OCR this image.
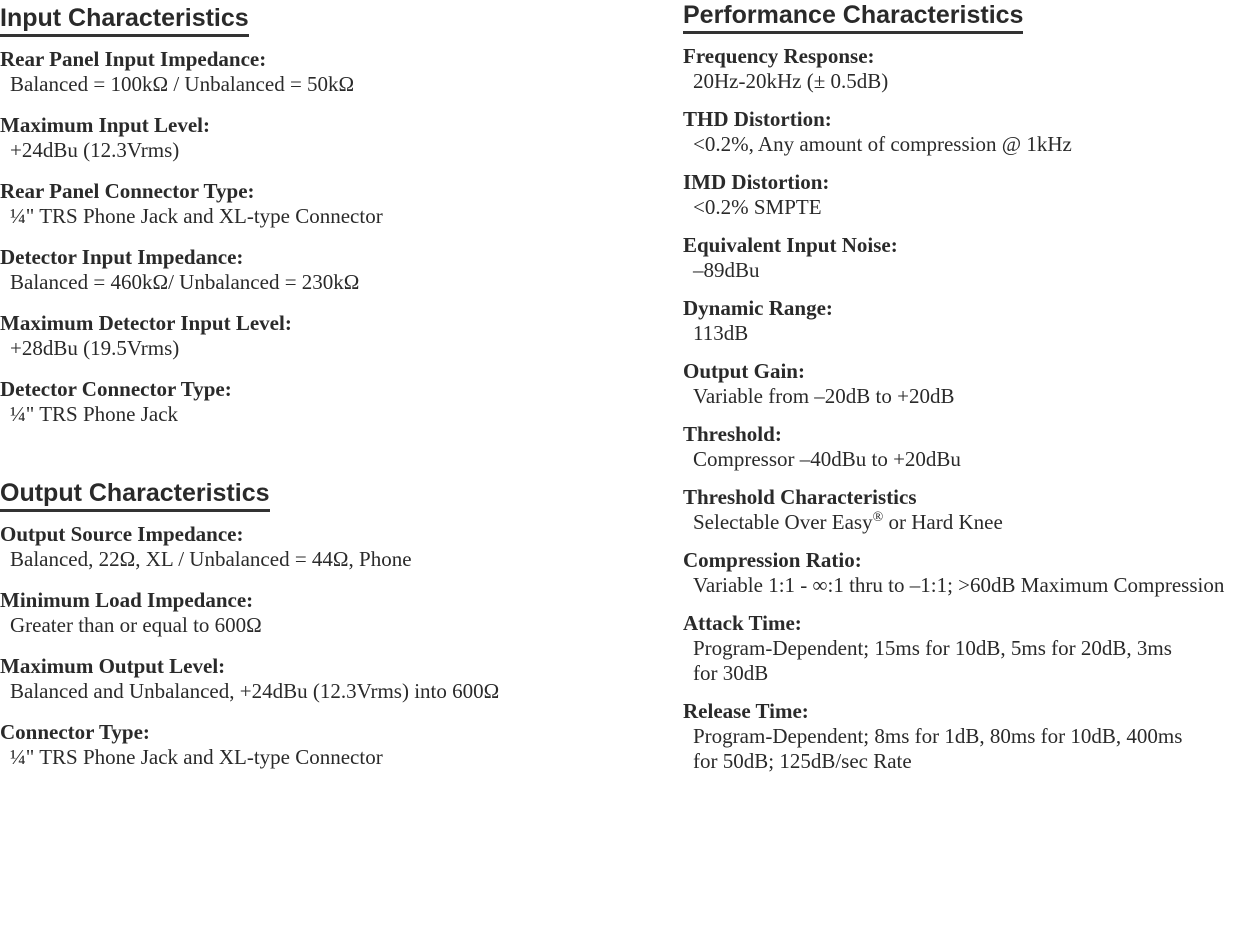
Input Characteristics
Rear Panel Input Impedance:
Balanced = 100kΩ / Unbalanced = 50kΩ
Maximum Input Level:
+24dBu (12.3Vrms)
Rear Panel Connector Type:
¼" TRS Phone Jack and XL-type Connector
Detector Input Impedance:
Balanced = 460kΩ/ Unbalanced = 230kΩ
Maximum Detector Input Level:
+28dBu (19.5Vrms)
Detector Connector Type:
¼" TRS Phone Jack
Output Characteristics
Output Source Impedance:
Balanced, 22Ω, XL / Unbalanced = 44Ω, Phone
Minimum Load Impedance:
Greater than or equal to 600Ω
Maximum Output Level:
Balanced and Unbalanced, +24dBu (12.3Vrms) into 600Ω
Connector Type:
¼" TRS Phone Jack and XL-type Connector
Performance Characteristics
Frequency Response:
20Hz-20kHz (± 0.5dB)
THD Distortion:
<0.2%, Any amount of compression @ 1kHz
IMD Distortion:
<0.2% SMPTE
Equivalent Input Noise:
–89dBu
Dynamic Range:
113dB
Output Gain:
Variable from –20dB to +20dB
Threshold:
Compressor –40dBu to +20dBu
Threshold Characteristics
Selectable Over Easy® or Hard Knee
Compression Ratio:
Variable 1:1 - ∞:1 thru to –1:1; >60dB Maximum Compression
Attack Time:
Program-Dependent; 15ms for 10dB, 5ms for 20dB, 3ms for 30dB
Release Time:
Program-Dependent; 8ms for 1dB, 80ms for 10dB, 400ms for 50dB; 125dB/sec Rate
